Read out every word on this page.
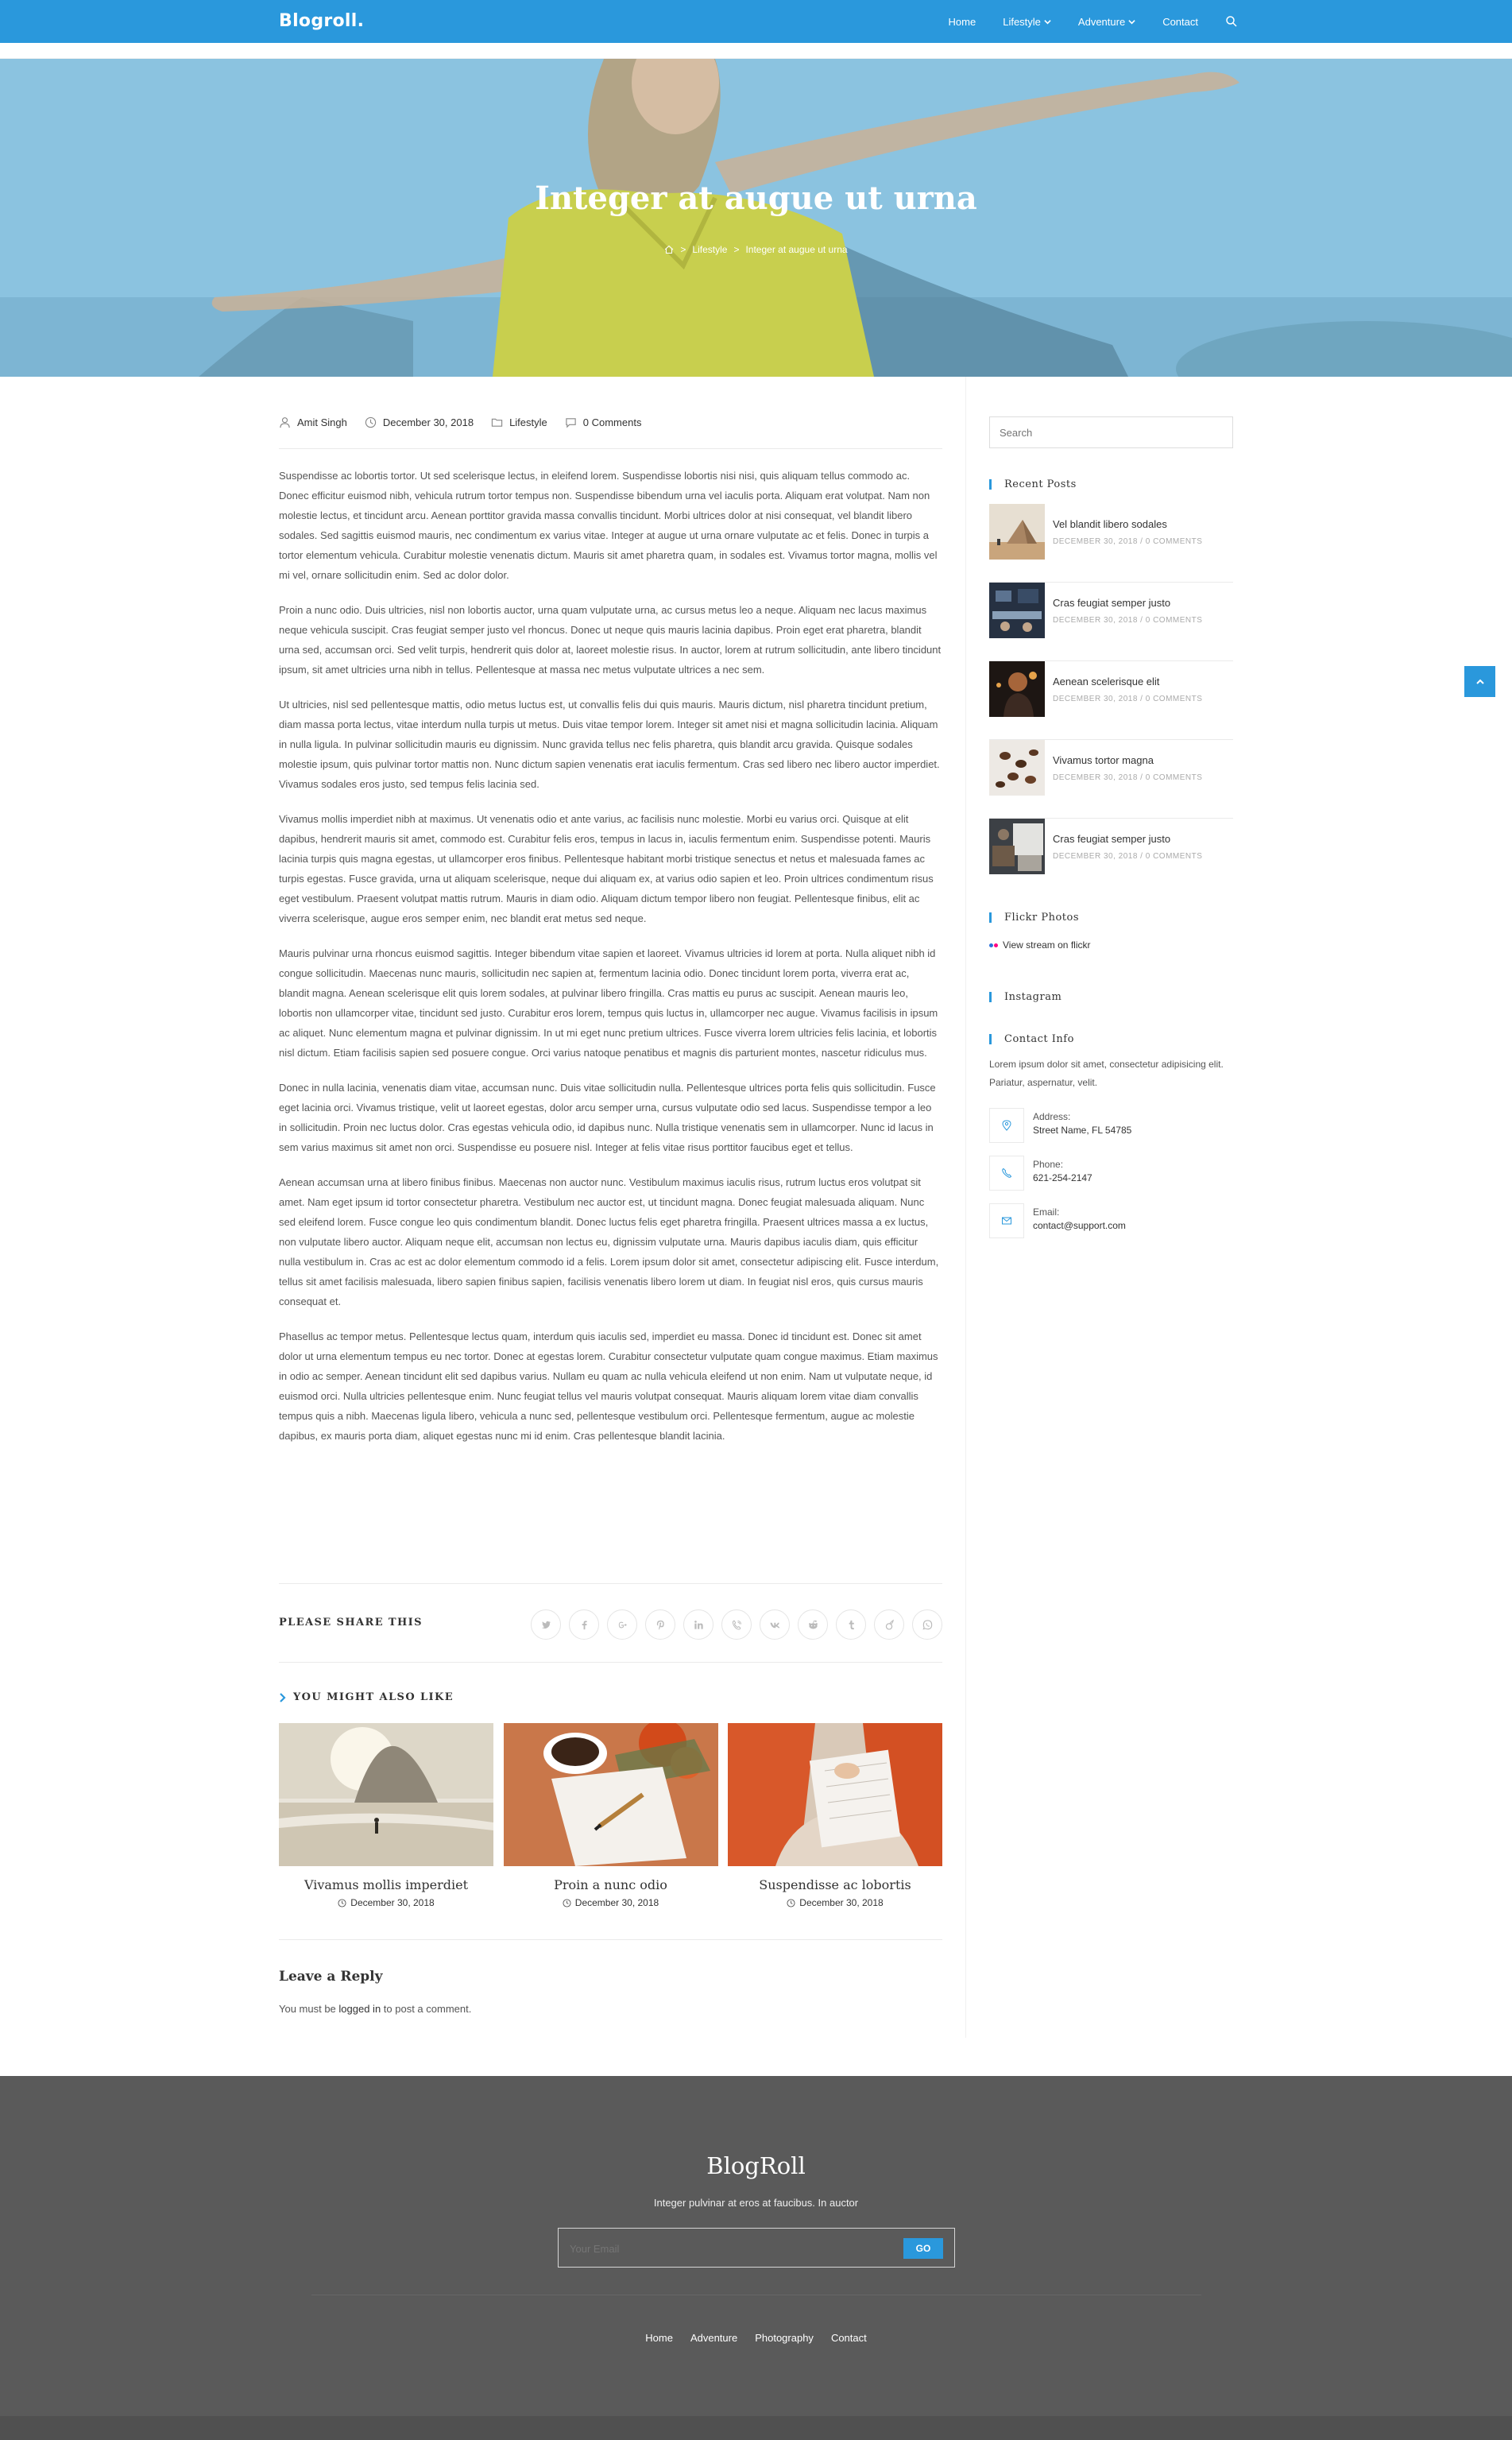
Blogroll.	Home	Lifestyle	Adventure	Contact
Integer at augue ut urna
> Lifestyle > Integer at augue ut urna
Amit Singh	December 30, 2018	Lifestyle	0 Comments

Suspendisse ac lobortis tortor. Ut sed scelerisque lectus, in eleifend lorem. Suspendisse lobortis nisi nisi, quis aliquam tellus commodo ac. Donec efficitur euismod nibh, vehicula rutrum tortor tempus non. Suspendisse bibendum urna vel iaculis porta. Aliquam erat volutpat. Nam non molestie lectus, et tincidunt arcu. Aenean porttitor gravida massa convallis tincidunt. Morbi ultrices dolor at nisi consequat, vel blandit libero sodales. Sed sagittis euismod mauris, nec condimentum ex varius vitae. Integer at augue ut urna ornare vulputate ac et felis. Donec in turpis a tortor elementum vehicula. Curabitur molestie venenatis dictum. Mauris sit amet pharetra quam, in sodales est. Vivamus tortor magna, mollis vel mi vel, ornare sollicitudin enim. Sed ac dolor dolor.

Proin a nunc odio. Duis ultricies, nisl non lobortis auctor, urna quam vulputate urna, ac cursus metus leo a neque. Aliquam nec lacus maximus neque vehicula suscipit. Cras feugiat semper justo vel rhoncus. Donec ut neque quis mauris lacinia dapibus. Proin eget erat pharetra, blandit urna sed, accumsan orci. Sed velit turpis, hendrerit quis dolor at, laoreet molestie risus. In auctor, lorem at rutrum sollicitudin, ante libero tincidunt ipsum, sit amet ultricies urna nibh in tellus. Pellentesque at massa nec metus vulputate ultrices a nec sem.

Ut ultricies, nisl sed pellentesque mattis, odio metus luctus est, ut convallis felis dui quis mauris. Mauris dictum, nisl pharetra tincidunt pretium, diam massa porta lectus, vitae interdum nulla turpis ut metus. Duis vitae tempor lorem. Integer sit amet nisi et magna sollicitudin lacinia. Aliquam in nulla ligula. In pulvinar sollicitudin mauris eu dignissim. Nunc gravida tellus nec felis pharetra, quis blandit arcu gravida. Quisque sodales molestie ipsum, quis pulvinar tortor mattis non. Nunc dictum sapien venenatis erat iaculis fermentum. Cras sed libero nec libero auctor imperdiet. Vivamus sodales eros justo, sed tempus felis lacinia sed.

Vivamus mollis imperdiet nibh at maximus. Ut venenatis odio et ante varius, ac facilisis nunc molestie. Morbi eu varius orci. Quisque at elit dapibus, hendrerit mauris sit amet, commodo est. Curabitur felis eros, tempus in lacus in, iaculis fermentum enim. Suspendisse potenti. Mauris lacinia turpis quis magna egestas, ut ullamcorper eros finibus. Pellentesque habitant morbi tristique senectus et netus et malesuada fames ac turpis egestas. Fusce gravida, urna ut aliquam scelerisque, neque dui aliquam ex, at varius odio sapien et leo. Proin ultrices condimentum risus eget vestibulum. Praesent volutpat mattis rutrum. Mauris in diam odio. Aliquam dictum tempor libero non feugiat. Pellentesque finibus, elit ac viverra scelerisque, augue eros semper enim, nec blandit erat metus sed neque.

Mauris pulvinar urna rhoncus euismod sagittis. Integer bibendum vitae sapien et laoreet. Vivamus ultricies id lorem at porta. Nulla aliquet nibh id congue sollicitudin. Maecenas nunc mauris, sollicitudin nec sapien at, fermentum lacinia odio. Donec tincidunt lorem porta, viverra erat ac, blandit magna. Aenean scelerisque elit quis lorem sodales, at pulvinar libero fringilla. Cras mattis eu purus ac suscipit. Aenean mauris leo, lobortis non ullamcorper vitae, tincidunt sed justo. Curabitur eros lorem, tempus quis luctus in, ullamcorper nec augue. Vivamus facilisis in ipsum ac aliquet. Nunc elementum magna et pulvinar dignissim. In ut mi eget nunc pretium ultrices. Fusce viverra lorem ultricies felis lacinia, et lobortis nisl dictum. Etiam facilisis sapien sed posuere congue. Orci varius natoque penatibus et magnis dis parturient montes, nascetur ridiculus mus.

Donec in nulla lacinia, venenatis diam vitae, accumsan nunc. Duis vitae sollicitudin nulla. Pellentesque ultrices porta felis quis sollicitudin. Fusce eget lacinia orci. Vivamus tristique, velit ut laoreet egestas, dolor arcu semper urna, cursus vulputate odio sed lacus. Suspendisse tempor a leo in sollicitudin. Proin nec luctus dolor. Cras egestas vehicula odio, id dapibus nunc. Nulla tristique venenatis sem in ullamcorper. Nunc id lacus in sem varius maximus sit amet non orci. Suspendisse eu posuere nisl. Integer at felis vitae risus porttitor faucibus eget et tellus.

Aenean accumsan urna at libero finibus finibus. Maecenas non auctor nunc. Vestibulum maximus iaculis risus, rutrum luctus eros volutpat sit amet. Nam eget ipsum id tortor consectetur pharetra. Vestibulum nec auctor est, ut tincidunt magna. Donec feugiat malesuada aliquam. Nunc sed eleifend lorem. Fusce congue leo quis condimentum blandit. Donec luctus felis eget pharetra fringilla. Praesent ultrices massa a ex luctus, non vulputate libero auctor. Aliquam neque elit, accumsan non lectus eu, dignissim vulputate urna. Mauris dapibus iaculis diam, quis efficitur nulla vestibulum in. Cras ac est ac dolor elementum commodo id a felis. Lorem ipsum dolor sit amet, consectetur adipiscing elit. Fusce interdum, tellus sit amet facilisis malesuada, libero sapien finibus sapien, facilisis venenatis libero lorem ut diam. In feugiat nisl eros, quis cursus mauris consequat et.

Phasellus ac tempor metus. Pellentesque lectus quam, interdum quis iaculis sed, imperdiet eu massa. Donec id tincidunt est. Donec sit amet dolor ut urna elementum tempus eu nec tortor. Donec at egestas lorem. Curabitur consectetur vulputate quam congue maximus. Etiam maximus in odio ac semper. Aenean tincidunt elit sed dapibus varius. Nullam eu quam ac nulla vehicula eleifend ut non enim. Nam ut vulputate neque, id euismod orci. Nulla ultricies pellentesque enim. Nunc feugiat tellus vel mauris volutpat consequat. Mauris aliquam lorem vitae diam convallis tempus quis a nibh. Maecenas ligula libero, vehicula a nunc sed, pellentesque vestibulum orci. Pellentesque fermentum, augue ac molestie dapibus, ex mauris porta diam, aliquet egestas nunc mi id enim. Cras pellentesque blandit lacinia.

PLEASE SHARE THIS
YOU MIGHT ALSO LIKE
Vivamus mollis imperdiet
December 30, 2018
Proin a nunc odio
December 30, 2018
Suspendisse ac lobortis
December 30, 2018
Leave a Reply

You must be logged in to post a comment.

Search
Recent Posts
Vel blandit libero sodales
DECEMBER 30, 2018 / 0 COMMENTS
Cras feugiat semper justo
DECEMBER 30, 2018 / 0 COMMENTS
Aenean scelerisque elit
DECEMBER 30, 2018 / 0 COMMENTS
Vivamus tortor magna
DECEMBER 30, 2018 / 0 COMMENTS
Cras feugiat semper justo
DECEMBER 30, 2018 / 0 COMMENTS
Flickr Photos
View stream on flickr
Instagram
Contact Info

Lorem ipsum dolor sit amet, consectetur adipisicing elit. Pariatur, aspernatur, velit.

Address:
Street Name, FL 54785
Phone:
621-254-2147
Email:
contact@support.com
BlogRoll
Integer pulvinar at eros at faucibus. In auctor
Your Email
GO
Home Adventure Photography Contact
